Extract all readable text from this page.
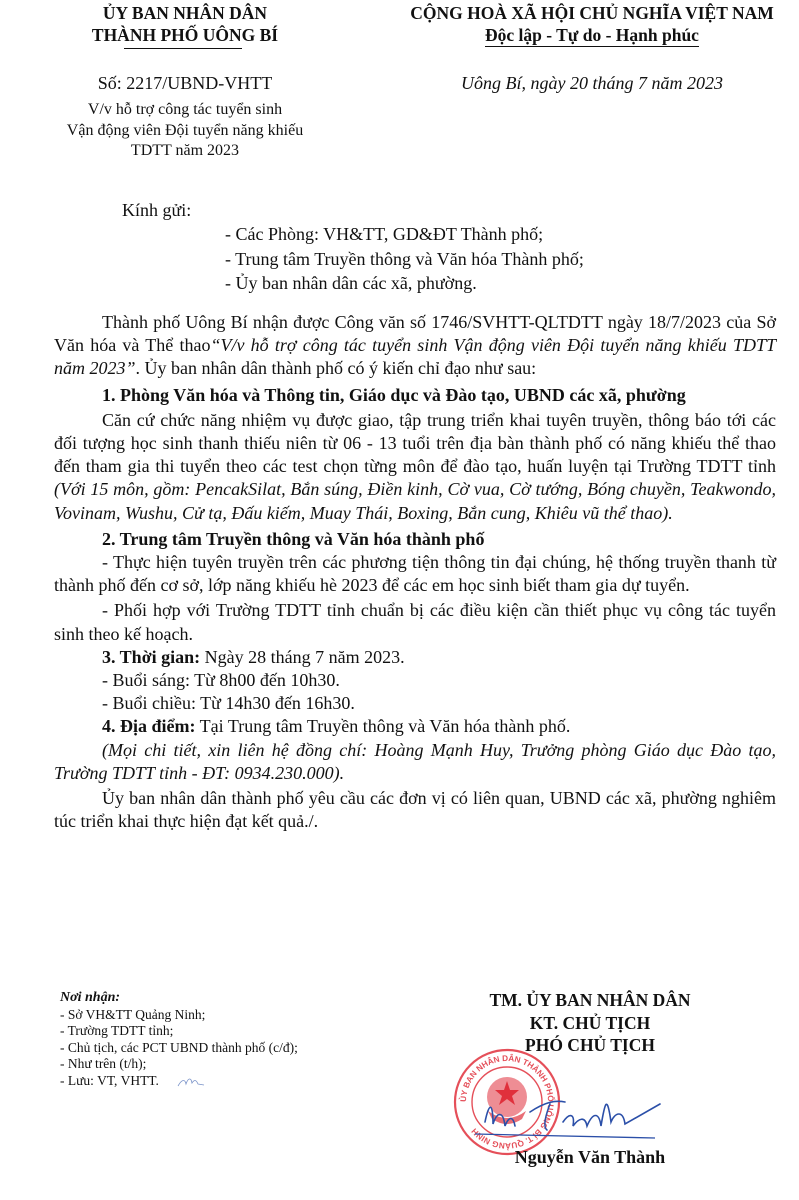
ỦY BAN NHÂN DÂN
THÀNH PHỐ UÔNG BÍ
CỘNG HOÀ XÃ HỘI CHỦ NGHĨA VIỆT NAM
Độc lập - Tự do - Hạnh phúc
Số: 2217/UBND-VHTT
V/v hỗ trợ công tác tuyển sinh
Vận động viên Đội tuyển năng khiếu
TDTT năm 2023
Uông Bí, ngày 20 tháng 7 năm 2023
Kính gửi:
- Các Phòng: VH&TT, GD&ĐT Thành phố;
- Trung tâm Truyền thông và Văn hóa Thành phố;
- Ủy ban nhân dân các xã, phường.

Thành phố Uông Bí nhận được Công văn số 1746/SVHTT-QLTDTT ngày 18/7/2023 của Sở Văn hóa và Thể thao“V/v hỗ trợ công tác tuyển sinh Vận động viên Đội tuyển năng khiếu TDTT năm 2023”. Ủy ban nhân dân thành phố có ý kiến chỉ đạo như sau:

1. Phòng Văn hóa và Thông tin, Giáo dục và Đào tạo, UBND các xã, phường

Căn cứ chức năng nhiệm vụ được giao, tập trung triển khai tuyên truyền, thông báo tới các đối tượng học sinh thanh thiếu niên từ 06 - 13 tuổi trên địa bàn thành phố có năng khiếu thể thao đến tham gia thi tuyển theo các test chọn từng môn để đào tạo, huấn luyện tại Trường TDTT tỉnh (Với 15 môn, gồm: PencakSilat, Bắn súng, Điền kinh, Cờ vua, Cờ tướng, Bóng chuyền, Teakwondo, Vovinam, Wushu, Cử tạ, Đấu kiếm, Muay Thái, Boxing, Bắn cung, Khiêu vũ thể thao).

2. Trung tâm Truyền thông và Văn hóa thành phố

- Thực hiện tuyên truyền trên các phương tiện thông tin đại chúng, hệ thống truyền thanh từ thành phố đến cơ sở, lớp năng khiếu hè 2023 để các em học sinh biết tham gia dự tuyển.

- Phối hợp với Trường TDTT tỉnh chuẩn bị các điều kiện cần thiết phục vụ công tác tuyển sinh theo kế hoạch.

3. Thời gian: Ngày 28 tháng 7 năm 2023.

- Buổi sáng: Từ 8h00 đến 10h30.

- Buổi chiều: Từ 14h30 đến 16h30.

4. Địa điểm: Tại Trung tâm Truyền thông và Văn hóa thành phố.

(Mọi chi tiết, xin liên hệ đồng chí: Hoàng Mạnh Huy, Trưởng phòng Giáo dục Đào tạo, Trường TDTT tỉnh - ĐT: 0934.230.000).

Ủy ban nhân dân thành phố yêu cầu các đơn vị có liên quan, UBND các xã, phường nghiêm túc triển khai thực hiện đạt kết quả./.

Nơi nhận:
- Sở VH&TT Quảng Ninh;
- Trường TDTT tỉnh;
- Chủ tịch, các PCT UBND thành phố (c/đ);
- Như trên (t/h);
- Lưu: VT, VHTT.
TM. ỦY BAN NHÂN DÂN
KT. CHỦ TỊCH
PHÓ CHỦ TỊCH
ỦY BAN NHÂN DÂN THÀNH PHỐ UÔNG BÍ T. QUẢNG NINH
Nguyễn Văn Thành
